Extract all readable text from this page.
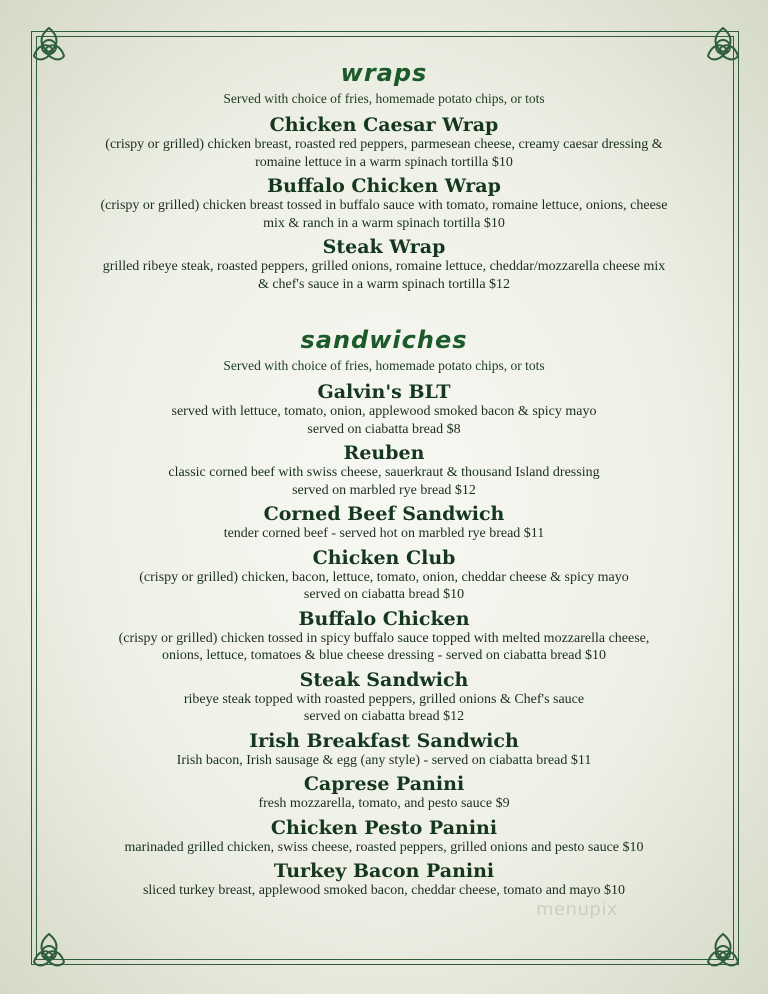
wraps

Served with choice of fries, homemade potato chips, or tots

Chicken Caesar Wrap

(crispy or grilled) chicken breast, roasted red peppers, parmesean cheese, creamy caesar dressing &
romaine lettuce in a warm spinach tortilla $10

Buffalo Chicken Wrap

(crispy or grilled) chicken breast tossed in buffalo sauce with tomato, romaine lettuce, onions, cheese
mix & ranch in a warm spinach tortilla $10

Steak Wrap

grilled ribeye steak, roasted peppers, grilled onions, romaine lettuce, cheddar/mozzarella cheese mix
& chef's sauce in a warm spinach tortilla $12

sandwiches

Served with choice of fries, homemade potato chips, or tots

Galvin's BLT

served with lettuce, tomato, onion, applewood smoked bacon & spicy mayo
served on ciabatta bread $8

Reuben

classic corned beef with swiss cheese, sauerkraut & thousand Island dressing
served on marbled rye bread $12

Corned Beef Sandwich

tender corned beef - served hot on marbled rye bread $11

Chicken Club

(crispy or grilled) chicken, bacon, lettuce, tomato, onion, cheddar cheese & spicy mayo
served on ciabatta bread $10

Buffalo Chicken

(crispy or grilled) chicken tossed in spicy buffalo sauce topped with melted mozzarella cheese,
onions, lettuce, tomatoes & blue cheese dressing - served on ciabatta bread $10

Steak Sandwich

ribeye steak topped with roasted peppers, grilled onions & Chef's sauce
served on ciabatta bread $12

Irish Breakfast Sandwich

Irish bacon, Irish sausage & egg (any style) - served on ciabatta bread $11

Caprese Panini

fresh mozzarella, tomato, and pesto sauce $9

Chicken Pesto Panini

marinaded grilled chicken, swiss cheese, roasted peppers, grilled onions and pesto sauce $10

Turkey Bacon Panini

sliced turkey breast, applewood smoked bacon, cheddar cheese, tomato and mayo $10

menupix
